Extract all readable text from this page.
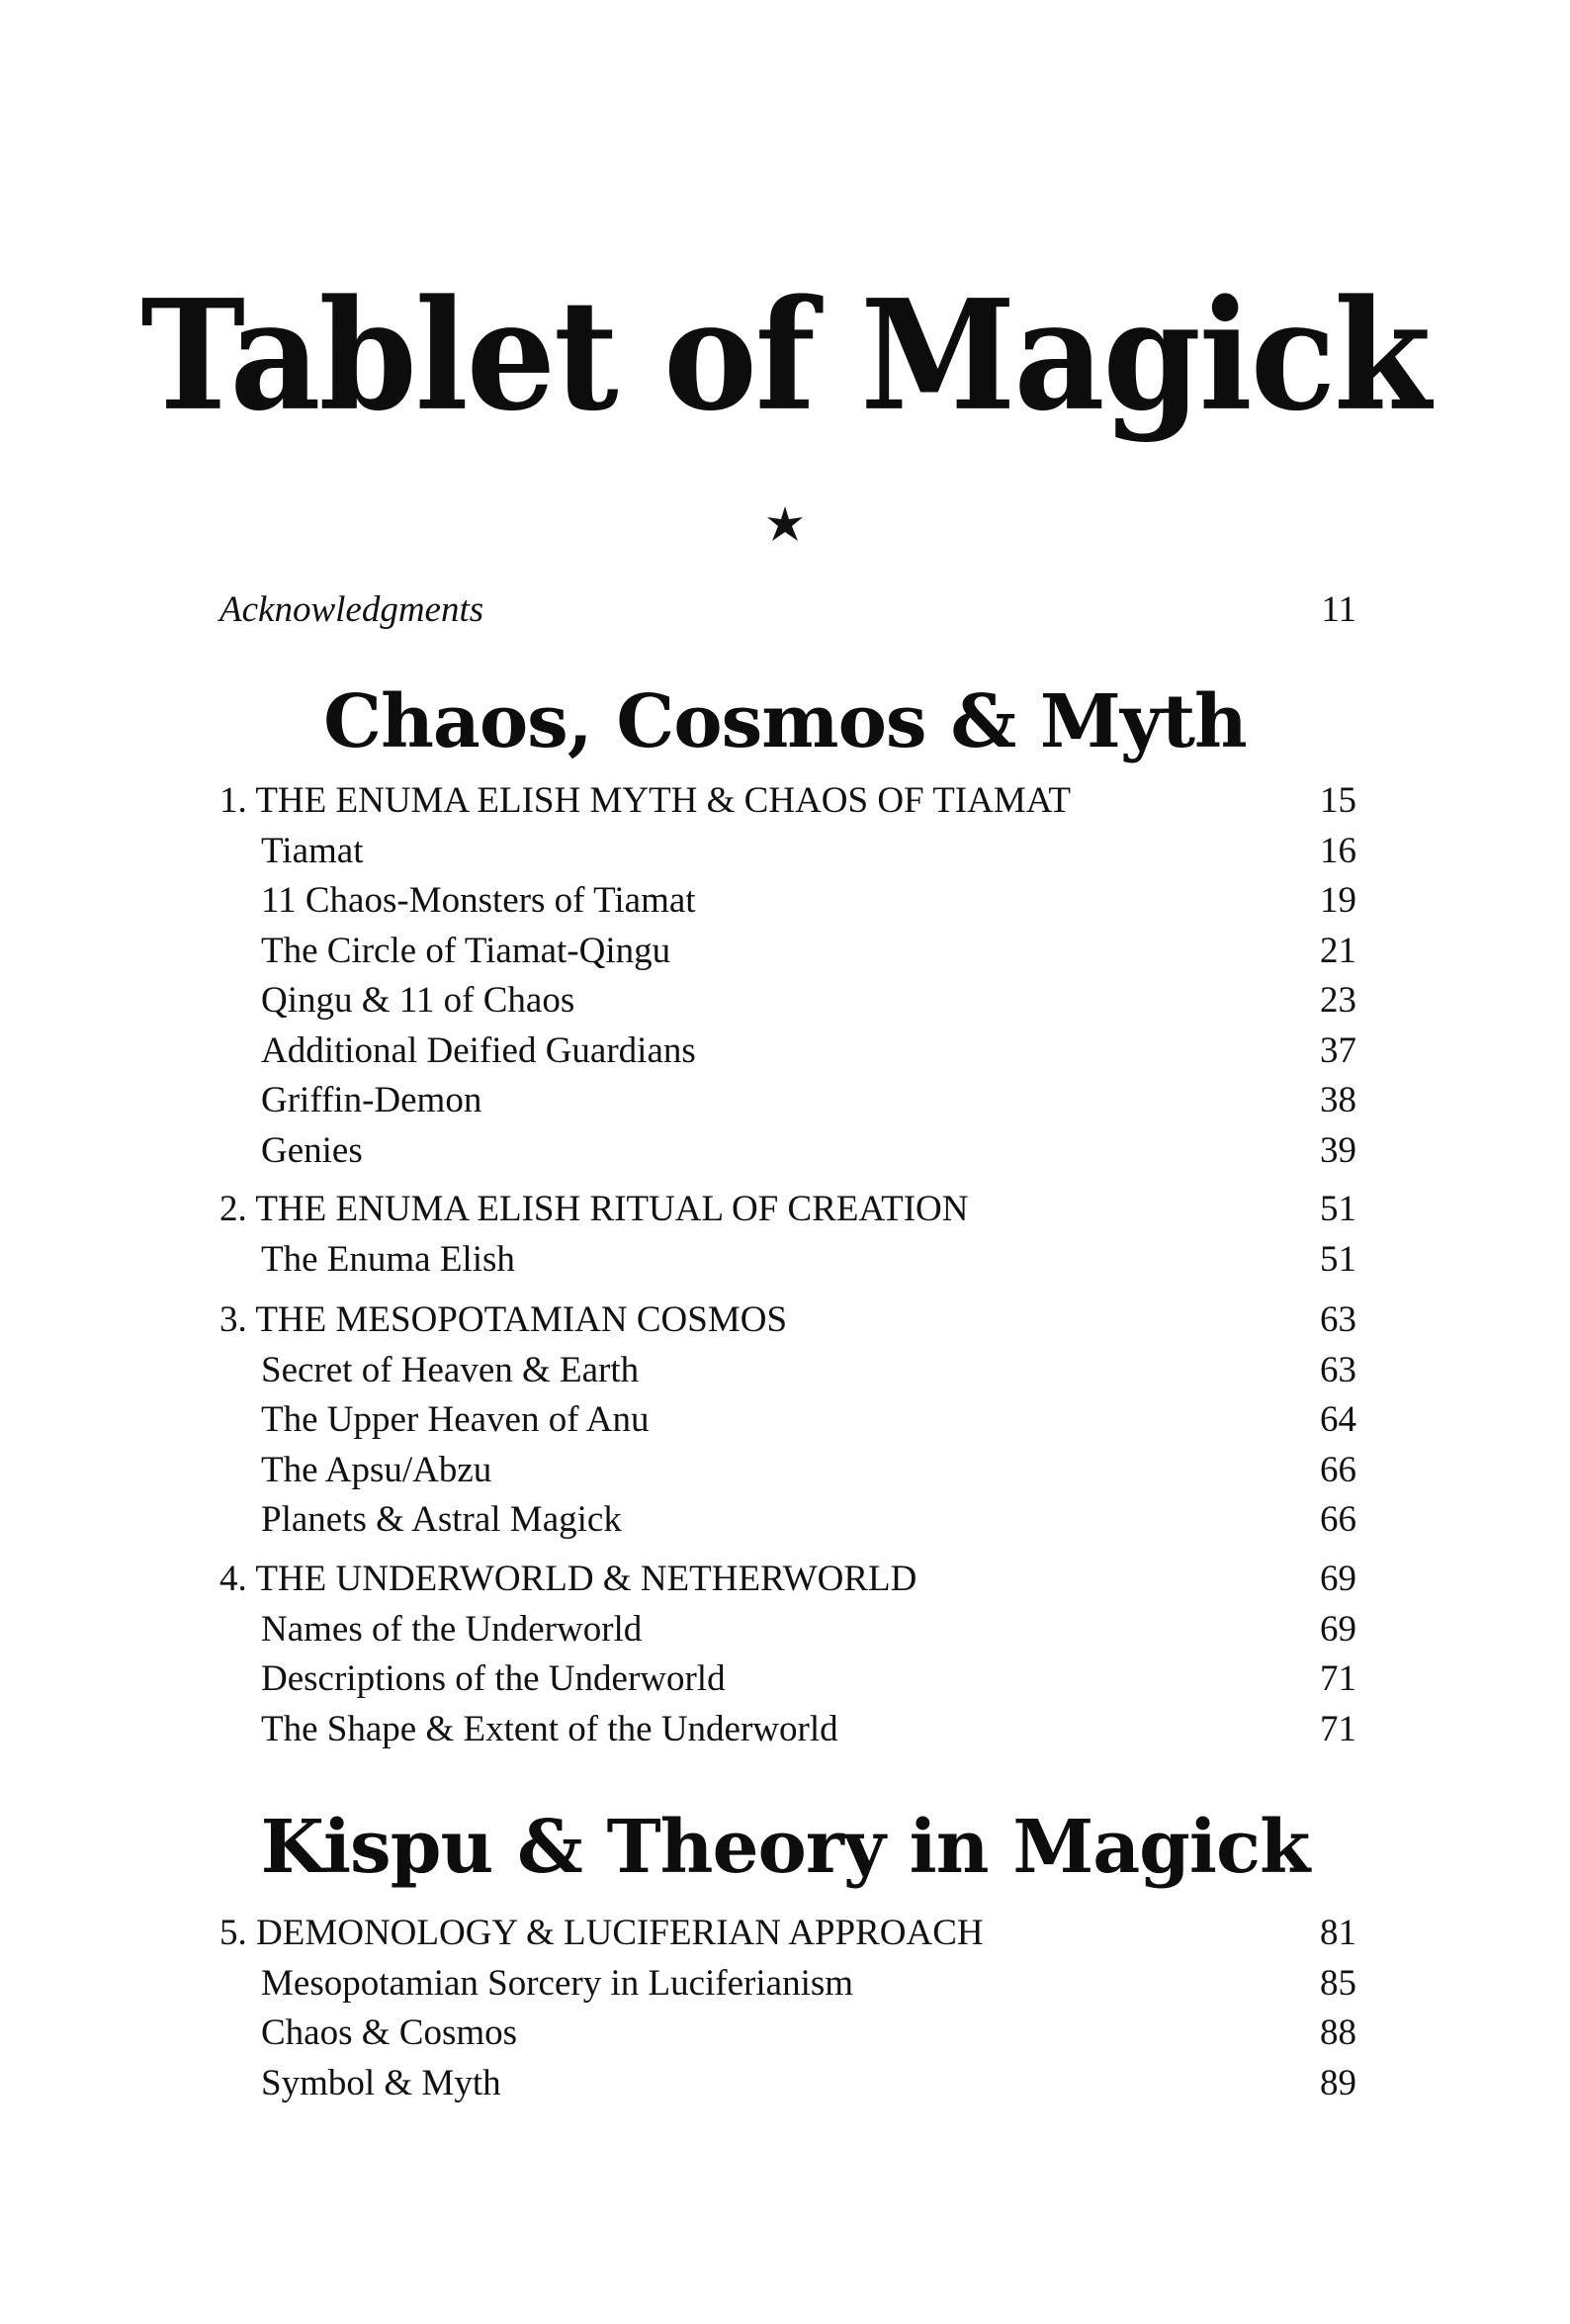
Tablet of Magick
Acknowledgments	11
Chaos, Cosmos & Myth
1. THE ENUMA ELISH MYTH & CHAOS OF TIAMAT	15
Tiamat	16
11 Chaos-Monsters of Tiamat	19
The Circle of Tiamat-Qingu	21
Qingu & 11 of Chaos	23
Additional Deified Guardians	37
Griffin-Demon	38
Genies	39
2. THE ENUMA ELISH RITUAL OF CREATION	51
The Enuma Elish	51
3. THE MESOPOTAMIAN COSMOS	63
Secret of Heaven & Earth	63
The Upper Heaven of Anu	64
The Apsu/Abzu	66
Planets & Astral Magick	66
4. THE UNDERWORLD & NETHERWORLD	69
Names of the Underworld	69
Descriptions of the Underworld	71
The Shape & Extent of the Underworld	71
Kispu & Theory in Magick
5. DEMONOLOGY & LUCIFERIAN APPROACH	81
Mesopotamian Sorcery in Luciferianism	85
Chaos & Cosmos	88
Symbol & Myth	89
